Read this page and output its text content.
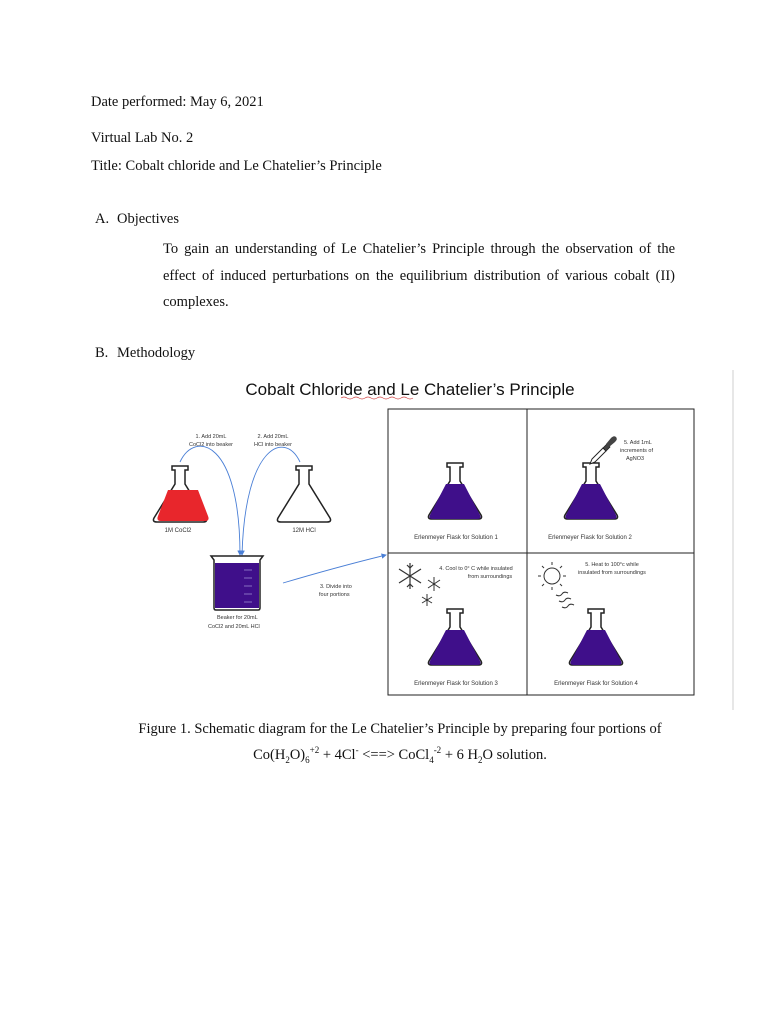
Date performed: May 6, 2021
Virtual Lab No. 2
Title: Cobalt chloride and Le Chatelier’s Principle
A. Objectives
To gain an understanding of Le Chatelier’s Principle through the observation of the
effect of induced perturbations on the equilibrium distribution of various cobalt (II)
complexes.
B. Methodology
Cobalt Chloride and Le Chatelier’s Principle
1M CoCl2	12M HCl
1. Add 20mL
CoCl2 into beaker
2. Add 20mL
HCl into beaker
Beaker for 20mL
CoCl2 and 20mL HCl
3. Divide into
four portions
Erlenmeyer Flask for Solution 1	Erlenmeyer Flask for Solution 2
5. Add 1mL
increments of
AgNO3
4. Cool to 0° C while insulated
from surroundings
Erlenmeyer Flask for Solution 3
5. Heat to 100°c while
insulated from surroundings
Erlenmeyer Flask for Solution 4
Figure 1. Schematic diagram for the Le Chatelier’s Principle by preparing four portions of
$Co(H_2O)_6^{+2} + 4Cl^-$ <==> CoCl$_4^{-2}$ + 6 $H_2O$ solution.
